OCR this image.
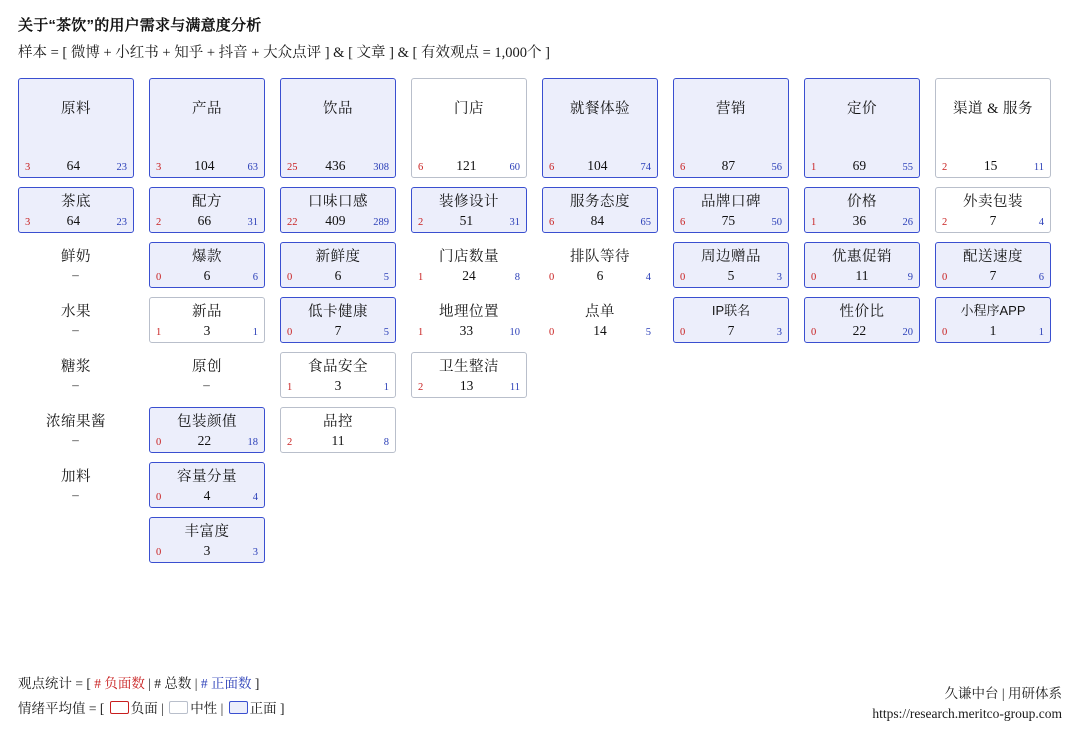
关于“茶饮”的用户需求与满意度分析
样本 = [ 微博 + 小红书 + 知乎 + 抖音 + 大众点评 ] & [ 文章 ] & [ 有效观点 = 1,000个 ]
原料
3	64	23
产品
3	104	63
饮品
25	436	308
门店
6	121	60
就餐体验
6	104	74
营销
6	87	56
定价
1	69	55
渠道 & 服务
2	15	11
茶底
3	64	23
配方
2	66	31
口味口感
22	409	289
装修设计
2	51	31
服务态度
6	84	65
品牌口碑
6	75	50
价格
1	36	26
外卖包装
2	7	4
鲜奶
–
爆款
0	6	6
新鲜度
0	6	5
门店数量
1	24	8
排队等待
0	6	4
周边赠品
0	5	3
优惠促销
0	11	9
配送速度
0	7	6
水果
–
新品
1	3	1
低卡健康
0	7	5
地理位置
1	33	10
点单
0	14	5
IP联名
0	7	3
性价比
0	22	20
小程序APP
0	1	1
糖浆
–
原创
–
食品安全
1	3	1
卫生整洁
2	13	11
浓缩果酱
–
包装颜值
0	22	18
品控
2	11	8
加料
–
容量分量
0	4	4
丰富度
0	3	3
观点统计 = [ # 负面数 | # 总数 | # 正面数 ]
情绪平均值 = [ 负面 | 中性 | 正面 ]
久谦中台 | 用研体系
https://research.meritco-group.com
